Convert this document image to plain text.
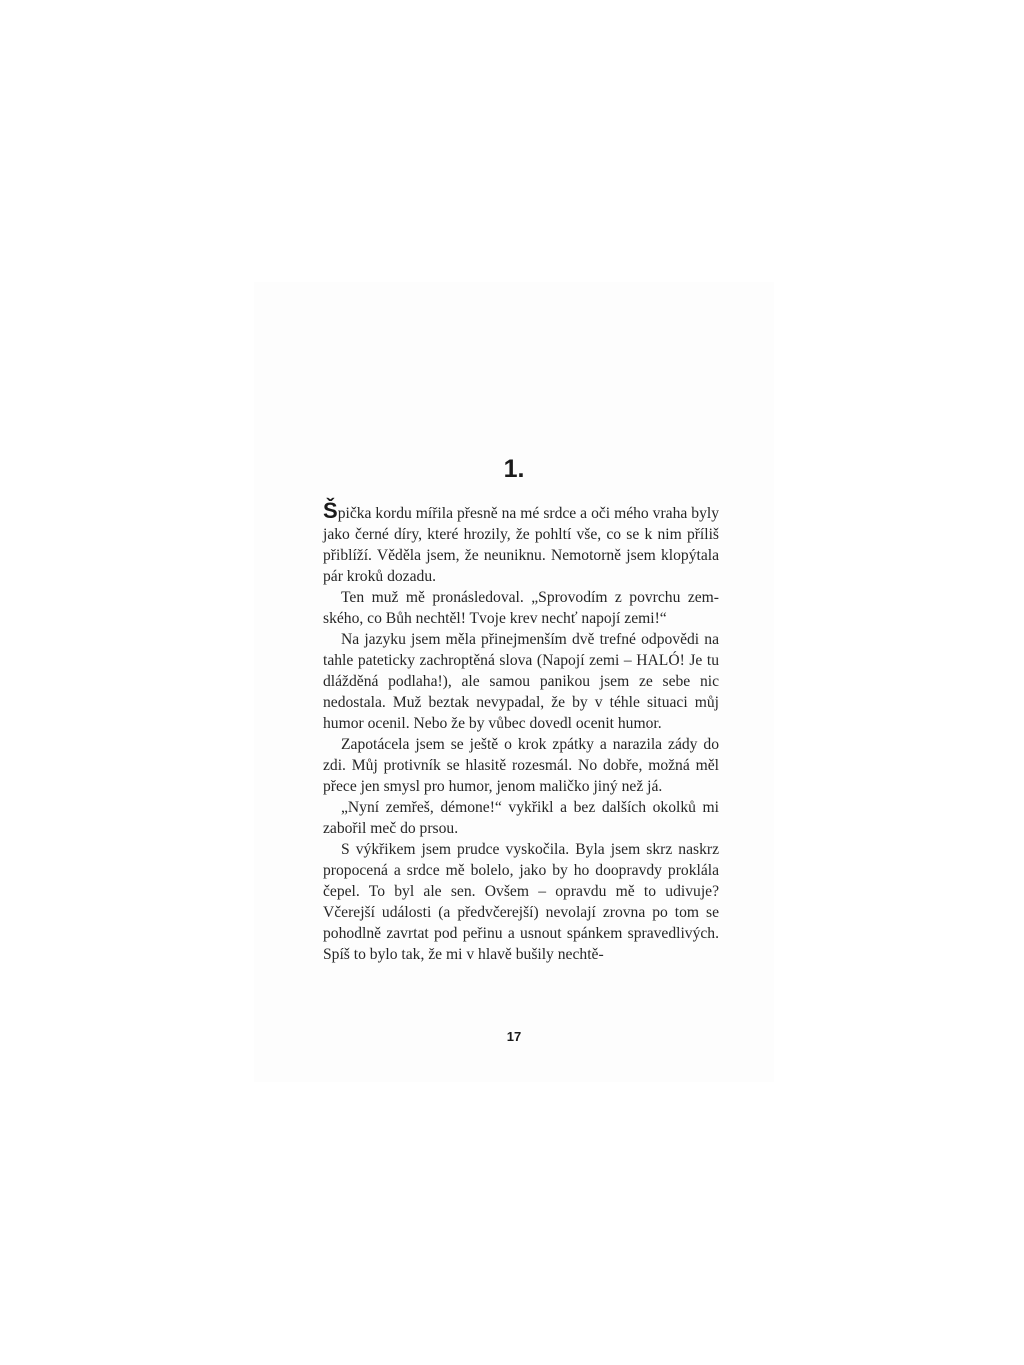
1.

Špička kordu mířila přesně na mé srdce a oči mého vraha byly jako černé díry, které hrozily, že pohltí vše, co se k nim příliš přiblíží. Věděla jsem, že neuniknu. Nemotorně jsem klopýtala pár kroků dozadu.

Ten muž mě pronásledoval. „Sprovodím z povrchu zemského, co Bůh nechtěl! Tvoje krev nechť napojí zemi!“

Na jazyku jsem měla přinejmenším dvě trefné odpovědi na tahle pateticky zachroptěná slova (Napojí zemi – HALÓ! Je tu dlážděná podlaha!), ale samou panikou jsem ze sebe nic nedostala. Muž beztak nevypadal, že by v téhle situaci můj humor ocenil. Nebo že by vůbec dovedl ocenit humor.

Zapotácela jsem se ještě o krok zpátky a narazila zády do zdi. Můj protivník se hlasitě rozesmál. No dobře, možná měl přece jen smysl pro humor, jenom maličko jiný než já.

„Nyní zemřeš, démone!“ vykřikl a bez dalších okolků mi zabořil meč do prsou.

S výkřikem jsem prudce vyskočila. Byla jsem skrz naskrz propocená a srdce mě bolelo, jako by ho doopravdy proklála čepel. To byl ale sen. Ovšem – opravdu mě to udivuje? Včerejší události (a předvčerejší) nevolají zrovna po tom se pohodlně zavrtat pod peřinu a usnout spánkem spravedlivých. Spíš to bylo tak, že mi v hlavě bušily nechtě-

17
